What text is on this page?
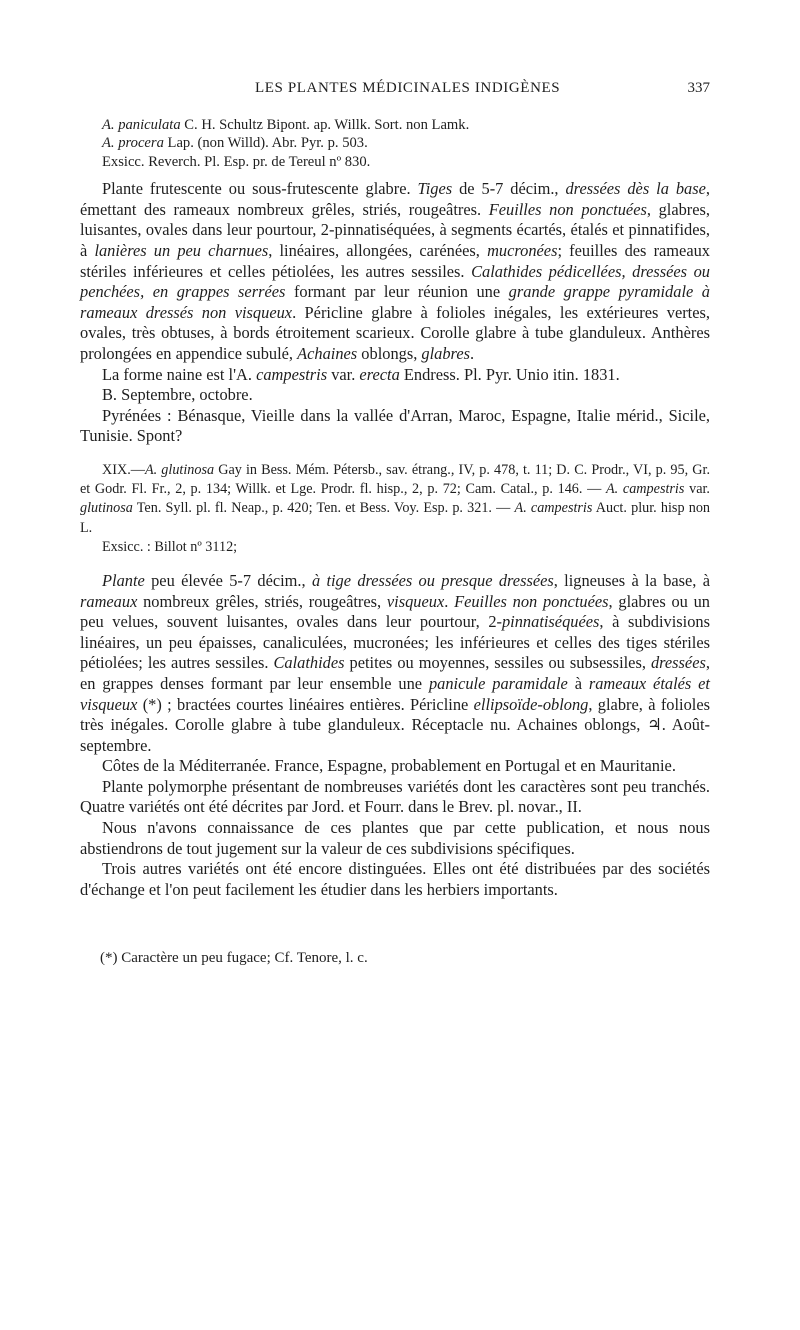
LES PLANTES MÉDICINALES INDIGÈNES	337

A. paniculata C. H. Schultz Bipont. ap. Willk. Sort. non Lamk.

A. procera Lap. (non Willd). Abr. Pyr. p. 503.

Exsicc. Reverch. Pl. Esp. pr. de Tereul nº 830.

Plante frutescente ou sous-frutescente glabre. Tiges de 5-7 décim., dressées dès la base, émettant des rameaux nombreux grêles, striés, rougeâtres. Feuilles non ponctuées, glabres, luisantes, ovales dans leur pourtour, 2-pinnatiséquées, à segments écartés, étalés et pinnatifides, à lanières un peu charnues, linéaires, allongées, carénées, mucronées; feuilles des rameaux stériles inférieures et celles pétiolées, les autres sessiles. Calathides pédicellées, dressées ou penchées, en grappes serrées formant par leur réunion une grande grappe pyramidale à rameaux dressés non visqueux. Péricline glabre à folioles inégales, les extérieures vertes, ovales, très obtuses, à bords étroitement scarieux. Corolle glabre à tube glanduleux. Anthères prolongées en appendice subulé, Achaines oblongs, glabres.

La forme naine est l'A. campestris var. erecta Endress. Pl. Pyr. Unio itin. 1831.

B. Septembre, octobre.

Pyrénées : Bénasque, Vieille dans la vallée d'Arran, Maroc, Espagne, Italie mérid., Sicile, Tunisie. Spont?

XIX.—A. glutinosa Gay in Bess. Mém. Pétersb., sav. étrang., IV, p. 478, t. 11; D. C. Prodr., VI, p. 95, Gr. et Godr. Fl. Fr., 2, p. 134; Willk. et Lge. Prodr. fl. hisp., 2, p. 72; Cam. Catal., p. 146. — A. campestris var. glutinosa Ten. Syll. pl. fl. Neap., p. 420; Ten. et Bess. Voy. Esp. p. 321. — A. campestris Auct. plur. hisp non L.

Exsicc. : Billot nº 3112;

Plante peu élevée 5-7 décim., à tige dressées ou presque dressées, ligneuses à la base, à rameaux nombreux grêles, striés, rougeâtres, visqueux. Feuilles non ponctuées, glabres ou un peu velues, souvent luisantes, ovales dans leur pourtour, 2-pinnatiséquées, à subdivisions linéaires, un peu épaisses, canaliculées, mucronées; les inférieures et celles des tiges stériles pétiolées; les autres sessiles. Calathides petites ou moyennes, sessiles ou subsessiles, dressées, en grappes denses formant par leur ensemble une panicule paramidale à rameaux étalés et visqueux (*) ; bractées courtes linéaires entières. Péricline ellipsoïde-oblong, glabre, à folioles très inégales. Corolle glabre à tube glanduleux. Réceptacle nu. Achaines oblongs, ♃. Août-septembre.

Côtes de la Méditerranée. France, Espagne, probablement en Portugal et en Mauritanie.

Plante polymorphe présentant de nombreuses variétés dont les caractères sont peu tranchés. Quatre variétés ont été décrites par Jord. et Fourr. dans le Brev. pl. novar., II.

Nous n'avons connaissance de ces plantes que par cette publication, et nous nous abstiendrons de tout jugement sur la valeur de ces subdivisions spécifiques.

Trois autres variétés ont été encore distinguées. Elles ont été distribuées par des sociétés d'échange et l'on peut facilement les étudier dans les herbiers importants.

(*) Caractère un peu fugace; Cf. Tenore, l. c.
